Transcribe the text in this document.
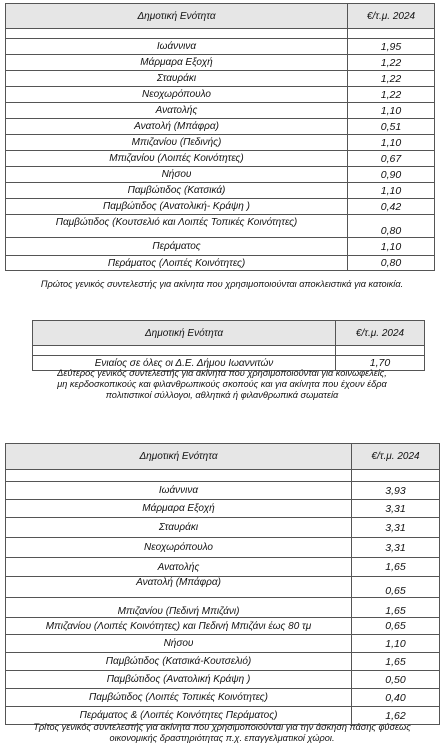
Δημοτική Ενότητα	€/τ.μ. 2024

Ιωάννινα	1,95
Μάρμαρα Εξοχή	1,22
Σταυράκι	1,22
Νεοχωρόπουλο	1,22
Ανατολής	1,10
Ανατολή (Μπάφρα)	0,51
Μπιζανίου (Πεδινής)	1,10
Μπιζανίου (Λοιπές Κοινότητες)	0,67
Νήσου	0,90
Παμβώτιδος (Κατσικά)	1,10
Παμβώτιδος (Ανατολική- Κράψη )	0,42
Παμβώτιδος (Κουτσελιό και Λοιπές Τοπικές Κοινότητες)	0,80
Περάματος	1,10
Περάματος (Λοιπές Κοινότητες)	0,80
Πρώτος γενικός συντελεστής για ακίνητα που χρησιμοποιούνται αποκλειστικά για κατοικία.
Δημοτική Ενότητα	€/τ.μ. 2024

Ενιαίος σε όλες οι Δ.Ε. Δήμου Ιωαννιτών	1,70
Δεύτερος γενικός συντελεστής για ακίνητα που χρησιμοποιούνται για κοινωφελείς,
μη κερδοσκοπικούς και φιλανθρωπικούς σκοπούς και για ακίνητα που έχουν έδρα
πολιτιστικοί σύλλογοι, αθλητικά ή φιλανθρωπικά σωματεία
Δημοτική Ενότητα	€/τ.μ. 2024

Ιωάννινα	3,93
Μάρμαρα Εξοχή	3,31
Σταυράκι	3,31
Νεοχωρόπουλο	3,31
Ανατολής	1,65
Ανατολή (Μπάφρα)	0,65
Μπιζανίου (Πεδινή Μπιζάνι)	1,65
Μπιζανίου (Λοιπές Κοινότητες) και Πεδινή Μπιζάνι έως 80 τμ	0,65
Νήσου	1,10
Παμβώτιδος (Κατσικά-Κουτσελιό)	1,65
Παμβώτιδος (Ανατολική Κράψη )	0,50
Παμβώτιδος (Λοιπές Τοπικές Κοινότητες)	0,40
Περάματος & (Λοιπές Κοινότητες Περάματος)	1,62
Τρίτος γενικός συντελεστής για ακίνητα που χρησιμοποιούνται για την άσκηση πάσης φύσεως
οικονομικής δραστηριότητας π.χ. επαγγελματικοί χώροι.
